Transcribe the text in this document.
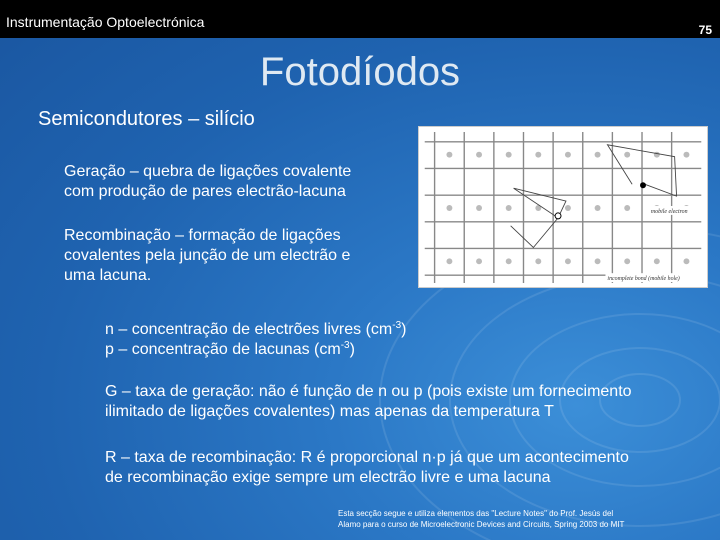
Instrumentação Optoelectrónica	75
Fotodíodos
Semicondutores – silício
Geração – quebra de ligações covalente
com produção de pares electrão-lacuna
Recombinação – formação de ligações
covalentes pela junção de um electrão e
uma lacuna.
mobile electron
incomplete bond (mobile hole)
n – concentração de electrões livres $(cm^{-3})$
p – concentração de lacunas $(cm^{-3})$
G – taxa de geração: não é função de n ou p (pois existe um fornecimento
ilimitado de ligações covalentes) mas apenas da temperatura T
R – taxa de recombinação: R é proporcional n·p já que um acontecimento
de recombinação exige sempre um electrão livre e uma lacuna
Esta secção segue e utiliza elementos das "Lecture Notes" do Prof. Jesús del
Alamo para o curso de Microelectronic Devices and Circuits, Spring 2003 do MIT
